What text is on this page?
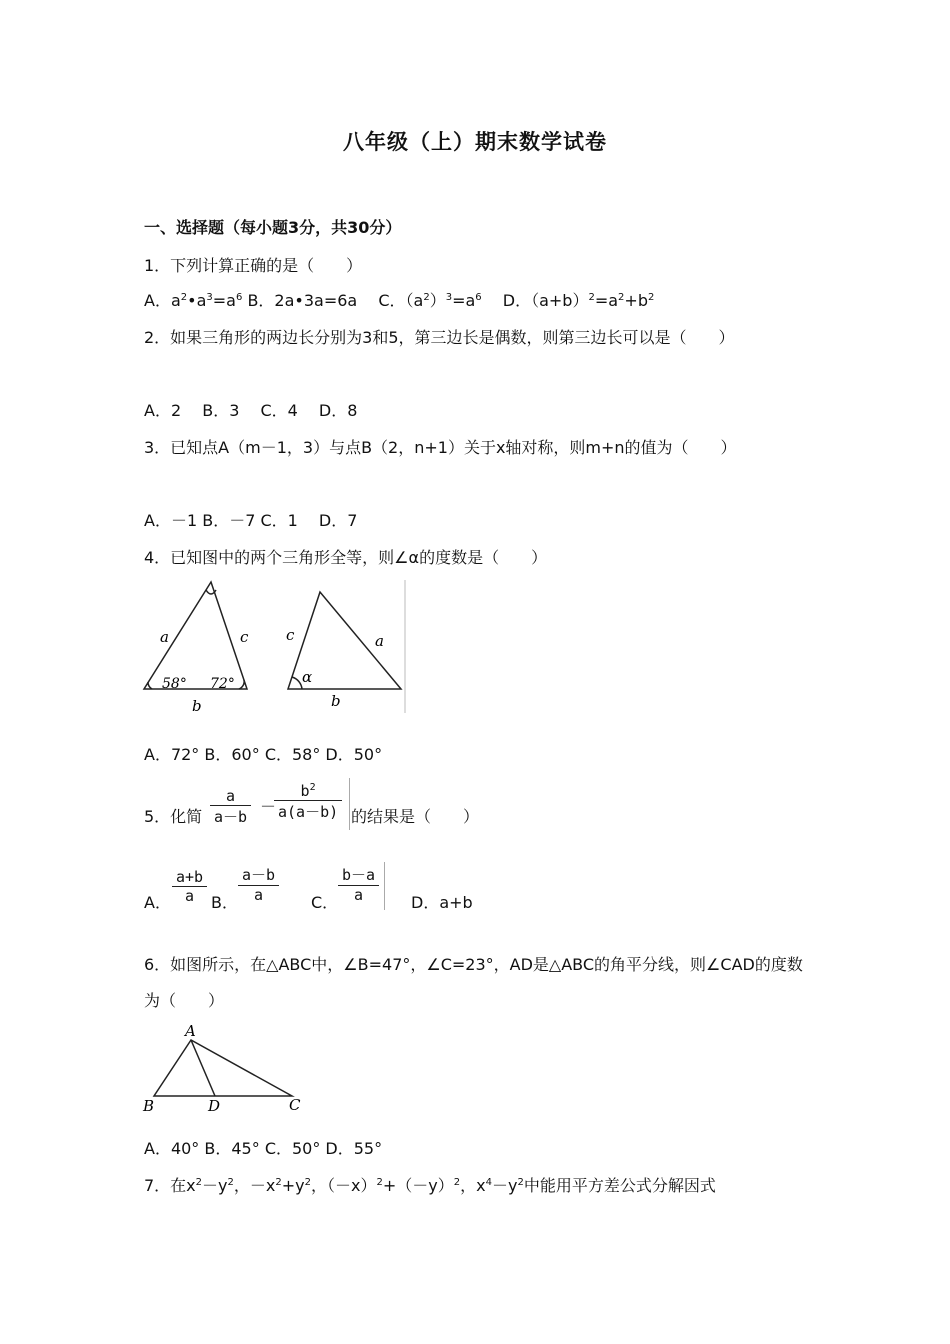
八年级（上）期末数学试卷
一、选择题（每小题3分，共30分）
1．下列计算正确的是（　　）
A．$a^2•a^3=a^6$ B．2a•3a=6a　 C．$(a^2)^3=a^6$　 D．$(a+b)^2=a^2+b^2$
2．如果三角形的两边长分别为3和5，第三边长是偶数，则第三边长可以是（　　）
A．2　 B．3　 C．4　 D．8
3．已知点A（m－1，3）与点B（2，n+1）关于x轴对称，则m+n的值为（　　）
A．－1 B．－7 C．1　 D．7
4．已知图中的两个三角形全等，则∠α的度数是（　　）
a	c
b
58° 72°
c	a
b
α
A．72° B．60° C．58° D．50°
5．化简
a
a－b
－
$b^2$
a(a－b) 的结果是（　　）
A．
a+b
a	B．
a－b
a	C．
b－a
a	D．a+b
6．如图所示，在△ABC中，∠B=47°，∠C=23°，AD是△ABC的角平分线，则∠CAD的度数为（　　）
A
B	D	C
A．40° B．45° C．50° D．55°
7．在$x^2-y^2$，$-x^2+y^2$，$(-x)^2+(-y)^2$，$x^4-y^2$中能用平方差公式分解因式
